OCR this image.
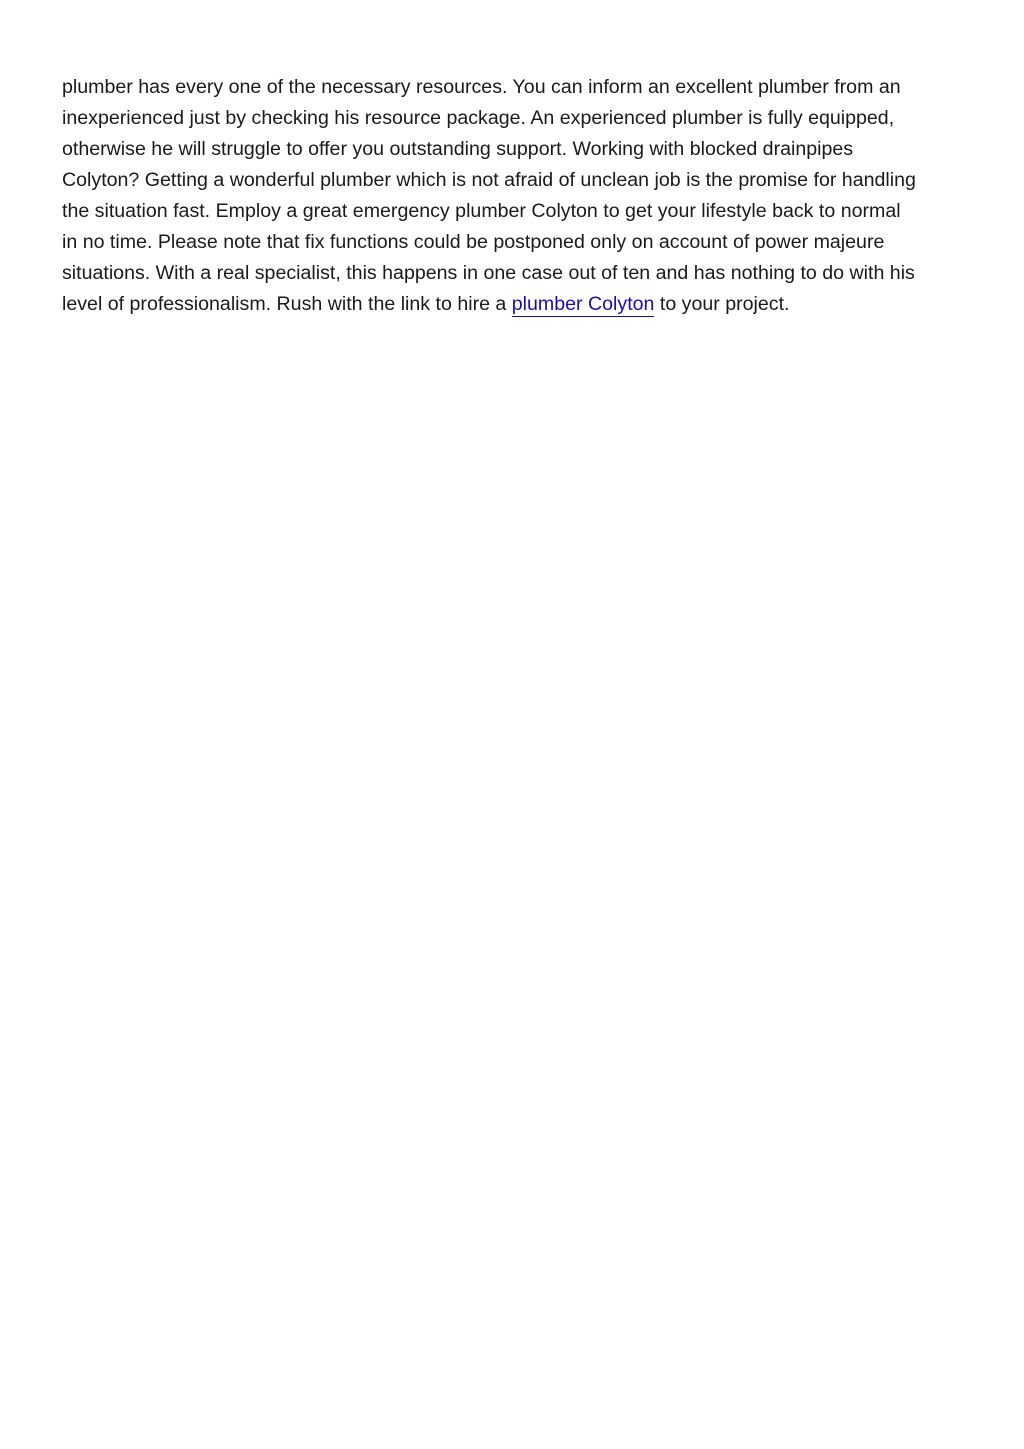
plumber has every one of the necessary resources. You can inform an excellent plumber from an
inexperienced just by checking his resource package. An experienced plumber is fully equipped,
otherwise he will struggle to offer you outstanding support. Working with blocked drainpipes
Colyton? Getting a wonderful plumber which is not afraid of unclean job is the promise for handling
the situation fast. Employ a great emergency plumber Colyton to get your lifestyle back to normal
in no time. Please note that fix functions could be postponed only on account of power majeure
situations. With a real specialist, this happens in one case out of ten and has nothing to do with his
level of professionalism. Rush with the link to hire a plumber Colyton to your project.
